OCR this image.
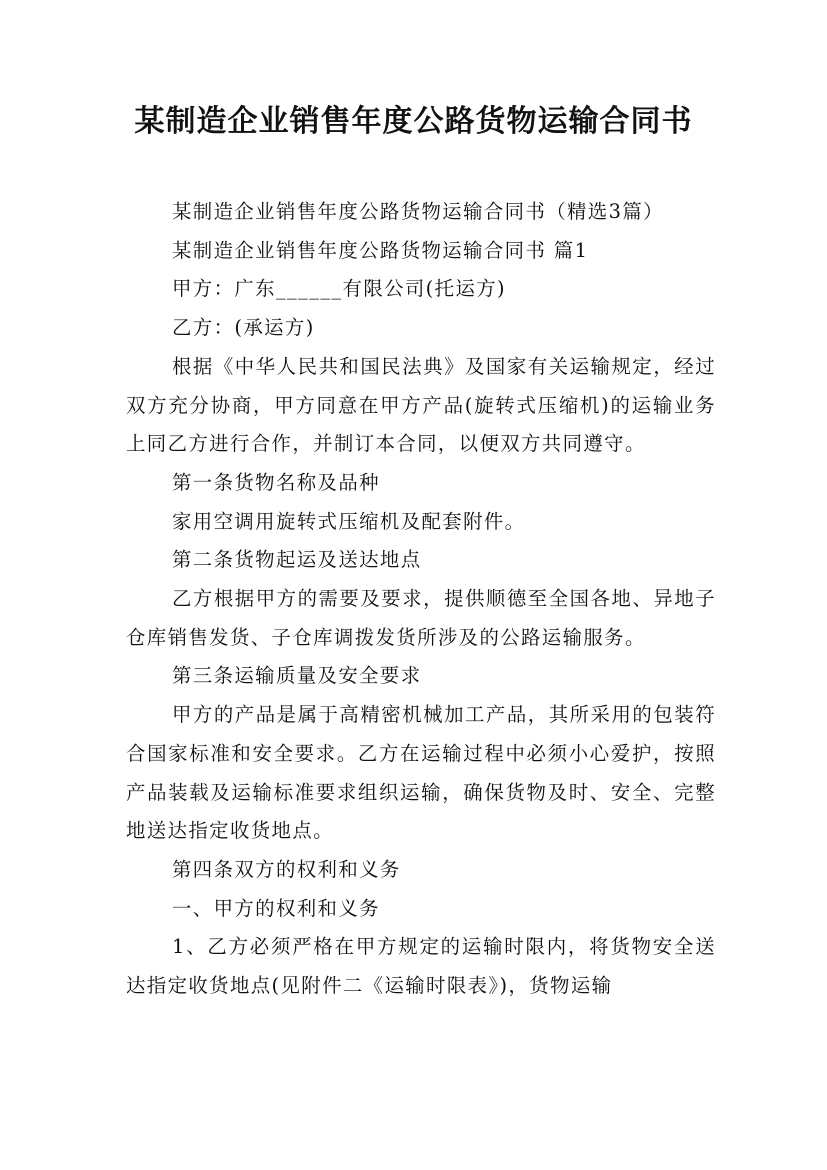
某制造企业销售年度公路货物运输合同书

某制造企业销售年度公路货物运输合同书（精选3篇）

某制造企业销售年度公路货物运输合同书 篇1

甲方：广东______有限公司(托运方)

乙方：(承运方)

根据《中华人民共和国民法典》及国家有关运输规定，经过双方充分协商，甲方同意在甲方产品(旋转式压缩机)的运输业务上同乙方进行合作，并制订本合同，以便双方共同遵守。

第一条货物名称及品种

家用空调用旋转式压缩机及配套附件。

第二条货物起运及送达地点

乙方根据甲方的需要及要求，提供顺德至全国各地、异地子仓库销售发货、子仓库调拨发货所涉及的公路运输服务。

第三条运输质量及安全要求

甲方的产品是属于高精密机械加工产品，其所采用的包装符合国家标准和安全要求。乙方在运输过程中必须小心爱护，按照产品装载及运输标准要求组织运输，确保货物及时、安全、完整地送达指定收货地点。

第四条双方的权利和义务

一、甲方的权利和义务

1、乙方必须严格在甲方规定的运输时限内，将货物安全送达指定收货地点(见附件二《运输时限表》)，货物运输
